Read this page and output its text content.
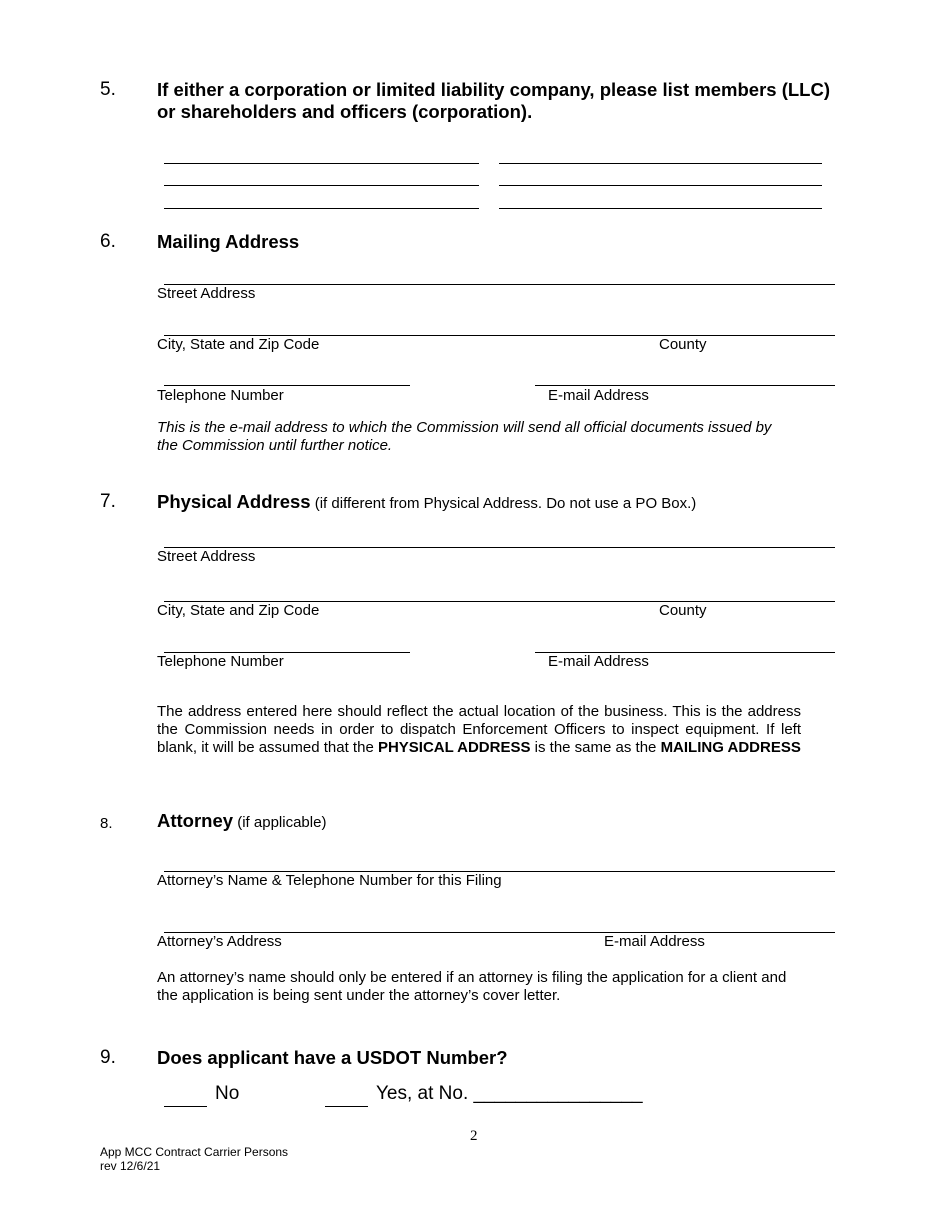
5. If either a corporation or limited liability company, please list members (LLC)
or shareholders and officers (corporation).
6. Mailing Address
Street Address
City, State and Zip Code	County
Telephone Number	E-mail Address
This is the e-mail address to which the Commission will send all official documents issued by
the Commission until further notice.
7. Physical Address (if different from Physical Address. Do not use a PO Box.)
Street Address
City, State and Zip Code	County
Telephone Number	E-mail Address
The address entered here should reflect the actual location of the business. This is the address the Commission needs in order to dispatch Enforcement Officers to inspect equipment. If left blank, it will be assumed that the PHYSICAL ADDRESS is the same as the MAILING ADDRESS
8. Attorney (if applicable)
Attorney’s Name & Telephone Number for this Filing
Attorney’s Address	E-mail Address
An attorney’s name should only be entered if an attorney is filing the application for a client and
the application is being sent under the attorney’s cover letter.
9. Does applicant have a USDOT Number?
No	Yes, at No. ________________
2
App MCC Contract Carrier Persons
rev 12/6/21
